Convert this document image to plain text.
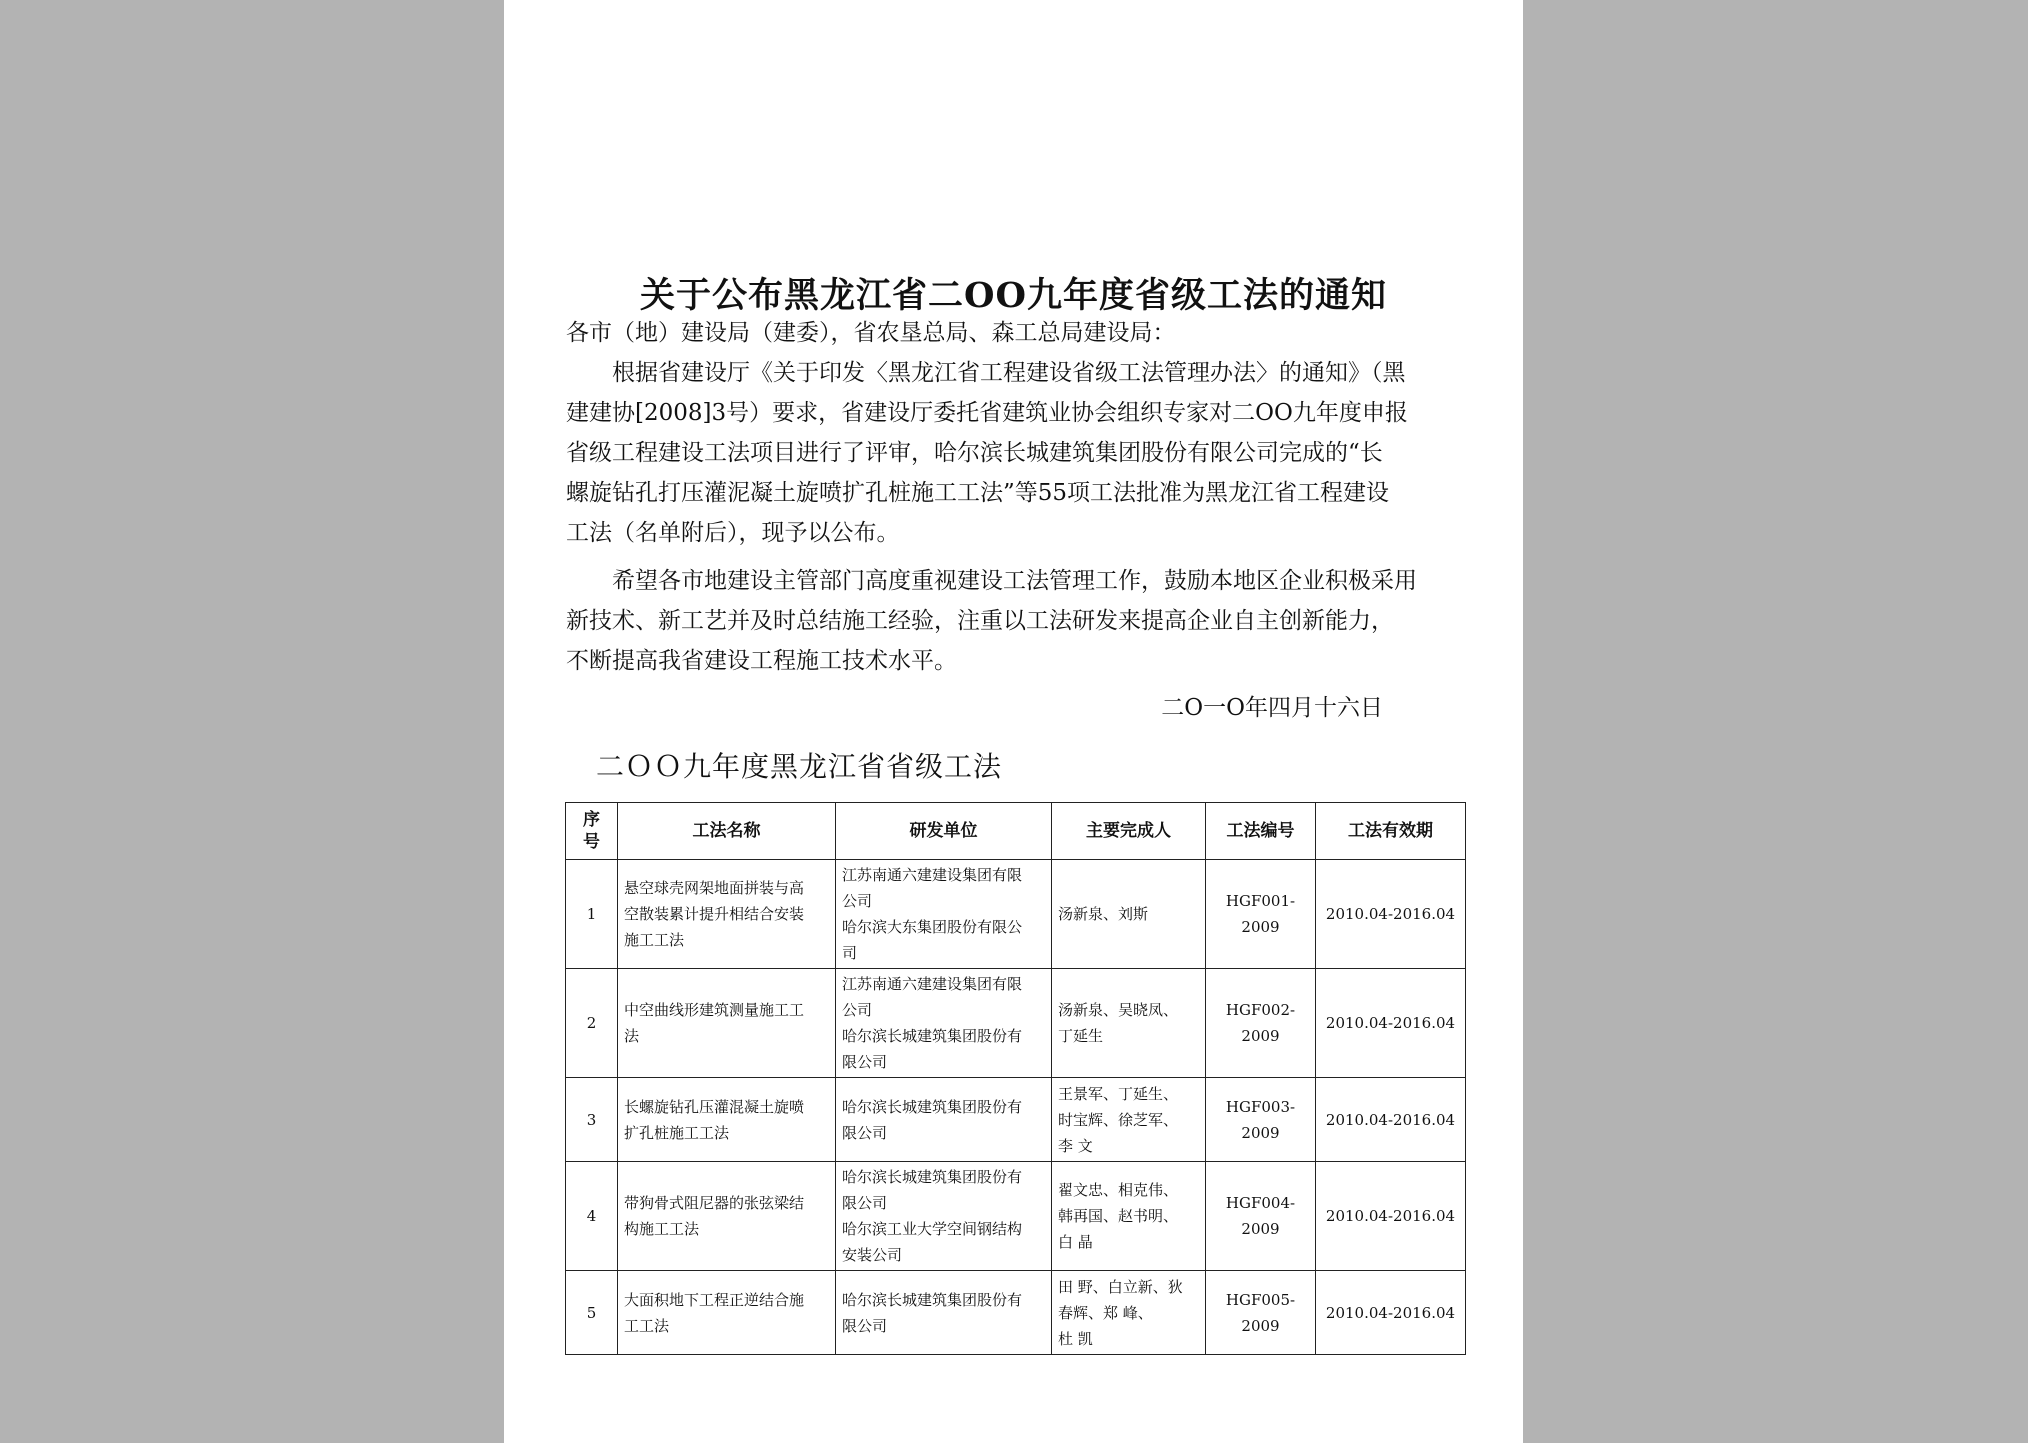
关于公布黑龙江省二OO九年度省级工法的通知
各市（地）建设局（建委），省农垦总局、森工总局建设局：
根据省建设厅《关于印发〈黑龙江省工程建设省级工法管理办法〉的通知》（黑
建建协[2008]3号）要求，省建设厅委托省建筑业协会组织专家对二OO九年度申报
省级工程建设工法项目进行了评审，哈尔滨长城建筑集团股份有限公司完成的“长
螺旋钻孔打压灌泥凝土旋喷扩孔桩施工工法”等55项工法批准为黑龙江省工程建设
工法（名单附后），现予以公布。
希望各市地建设主管部门高度重视建设工法管理工作，鼓励本地区企业积极采用
新技术、新工艺并及时总结施工经验，注重以工法研发来提高企业自主创新能力，
不断提高我省建设工程施工技术水平。
二O一O年四月十六日
二ＯＯ九年度黑龙江省省级工法
序
号	工法名称	研发单位	主要完成人	工法编号	工法有效期
1	悬空球壳网架地面拼装与高
空散装累计提升相结合安装
施工工法	江苏南通六建建设集团有限
公司
哈尔滨大东集团股份有限公
司	汤新泉、刘斯	HGF001-2009	2010.04-2016.04
2	中空曲线形建筑测量施工工
法	江苏南通六建建设集团有限
公司
哈尔滨长城建筑集团股份有
限公司	汤新泉、吴晓凤、
丁延生	HGF002-2009	2010.04-2016.04
3	长螺旋钻孔压灌混凝土旋喷
扩孔桩施工工法	哈尔滨长城建筑集团股份有
限公司	王景军、丁延生、
时宝辉、徐芝军、
李 文	HGF003-2009	2010.04-2016.04
4	带狗骨式阻尼器的张弦梁结
构施工工法	哈尔滨长城建筑集团股份有
限公司
哈尔滨工业大学空间钢结构
安装公司	翟文忠、相克伟、
韩再国、赵书明、
白 晶	HGF004-2009	2010.04-2016.04
5	大面积地下工程正逆结合施
工工法	哈尔滨长城建筑集团股份有
限公司	田 野、白立新、狄
春辉、郑 峰、
杜 凯	HGF005-2009	2010.04-2016.04
